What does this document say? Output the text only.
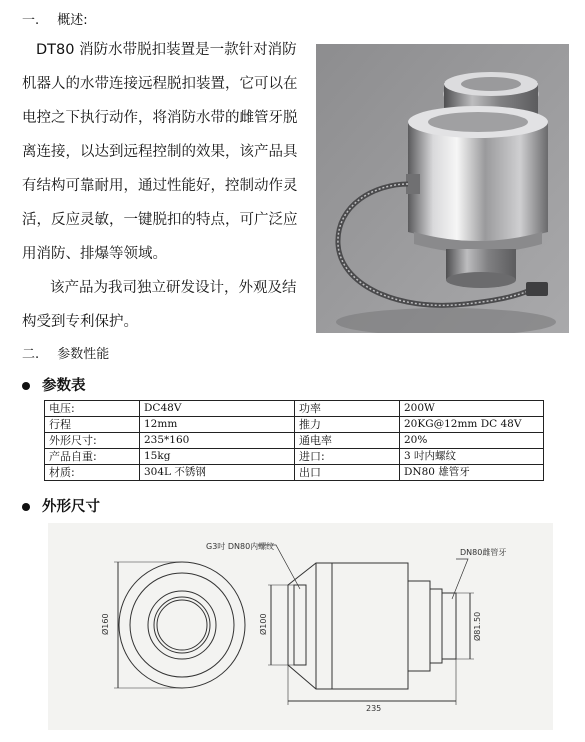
一. 概述:
DT80 消防水带脱扣装置是一款针对消防
机器人的水带连接远程脱扣装置，它可以在
电控之下执行动作，将消防水带的雌管牙脱
离连接，以达到远程控制的效果，该产品具
有结构可靠耐用，通过性能好，控制动作灵
活，反应灵敏，一键脱扣的特点，可广泛应
用消防、排爆等领域。
该产品为我司独立研发设计，外观及结
构受到专利保护。
二. 参数性能
参数表
电压:	DC48V	功率	200W
行程	12mm	推力	20KG@12mm DC 48V
外形尺寸:	235*160	通电率	20%
产品自重:	15kg	进口:	3 吋内螺纹
材质:	304L 不锈钢	出口	DN80 雄管牙
外形尺寸
G3吋 DN80内螺纹
DN80雌管牙
Ø160	Ø100	Ø81.50
235
